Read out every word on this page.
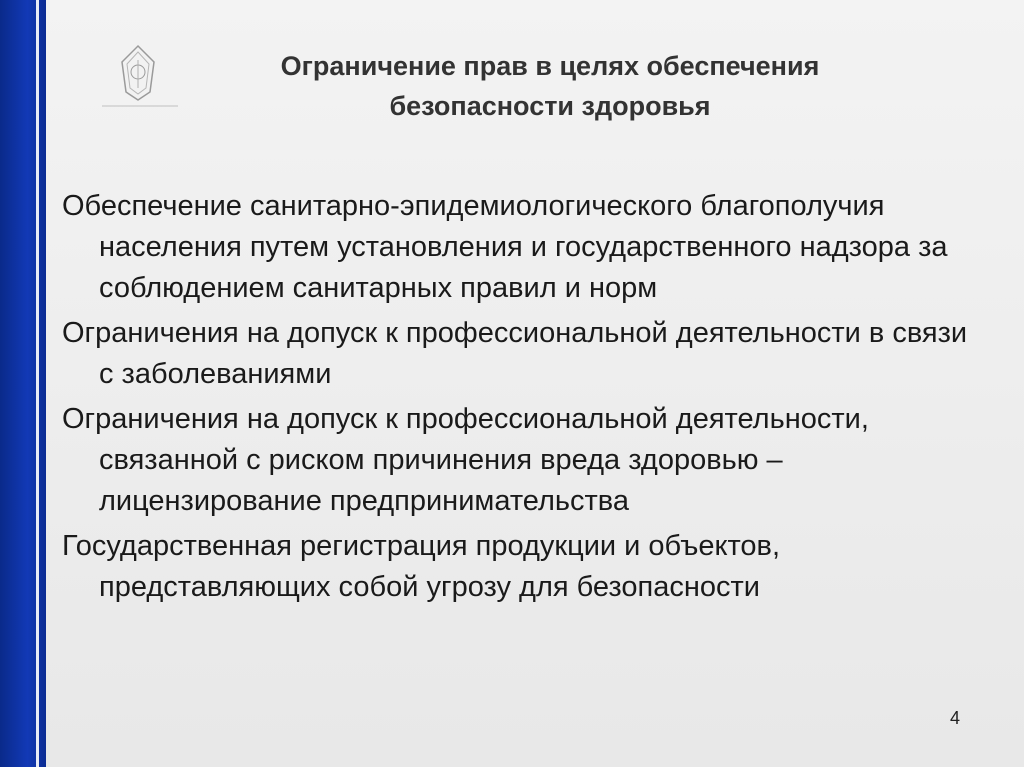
Ограничение прав в целях обеспечения
безопасности здоровья
Обеспечение санитарно-эпидемиологического благополучия населения путем установления и государственного надзора за соблюдением санитарных правил и норм
Ограничения на допуск к профессиональной деятельности в связи с заболеваниями
Ограничения на допуск к профессиональной деятельности, связанной с риском причинения вреда здоровью – лицензирование предпринимательства
Государственная регистрация продукции и объектов, представляющих собой угрозу для безопасности
4
